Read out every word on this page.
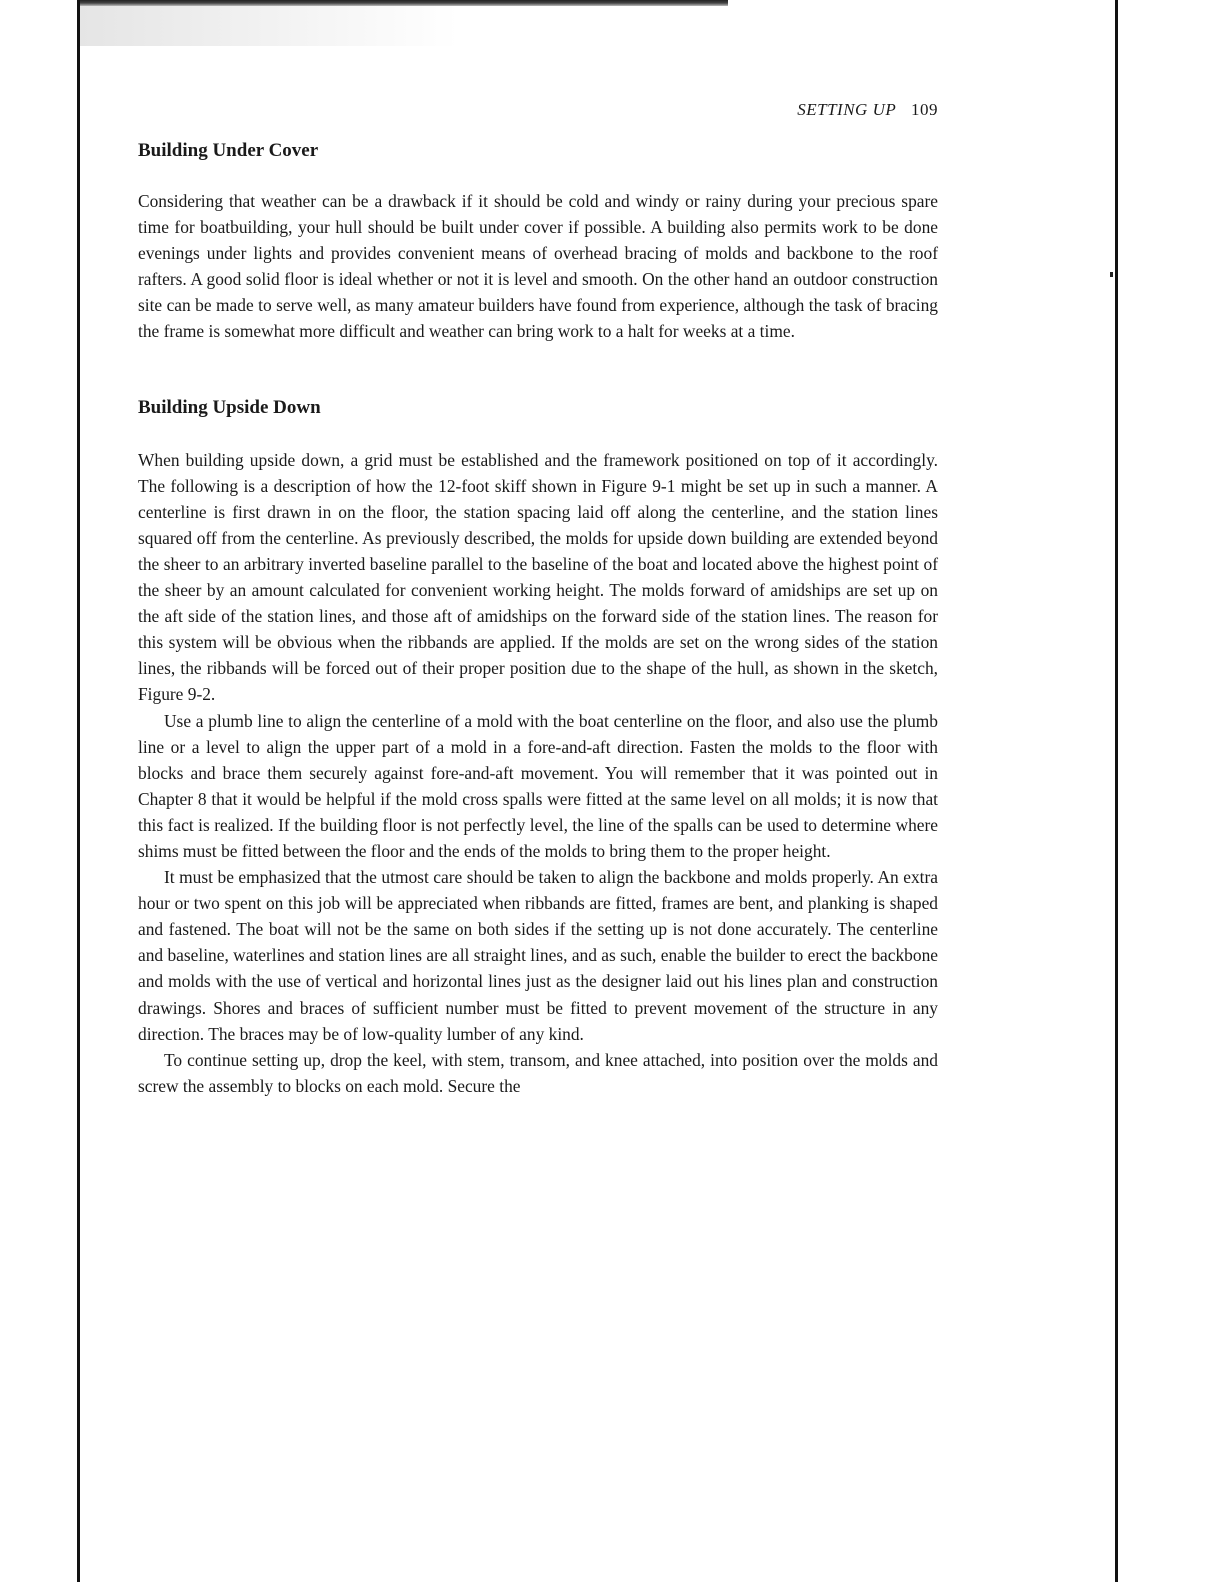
SETTING UP 109
Building Under Cover

Considering that weather can be a drawback if it should be cold and windy or rainy during your precious spare time for boatbuilding, your hull should be built under cover if possible. A building also permits work to be done evenings under lights and provides convenient means of overhead bracing of molds and backbone to the roof rafters. A good solid floor is ideal whether or not it is level and smooth. On the other hand an outdoor construction site can be made to serve well, as many amateur builders have found from experience, although the task of bracing the frame is somewhat more difficult and weather can bring work to a halt for weeks at a time.

Building Upside Down

When building upside down, a grid must be established and the framework positioned on top of it accordingly. The following is a description of how the 12-foot skiff shown in Figure 9-1 might be set up in such a manner. A centerline is first drawn in on the floor, the station spacing laid off along the centerline, and the station lines squared off from the centerline. As previously described, the molds for upside down building are extended beyond the sheer to an arbitrary inverted baseline parallel to the baseline of the boat and located above the highest point of the sheer by an amount calculated for convenient working height. The molds forward of amidships are set up on the aft side of the station lines, and those aft of amidships on the forward side of the station lines. The reason for this system will be obvious when the ribbands are applied. If the molds are set on the wrong sides of the station lines, the ribbands will be forced out of their proper position due to the shape of the hull, as shown in the sketch, Figure 9-2.

Use a plumb line to align the centerline of a mold with the boat centerline on the floor, and also use the plumb line or a level to align the upper part of a mold in a fore-and-aft direction. Fasten the molds to the floor with blocks and brace them securely against fore-and-aft movement. You will remember that it was pointed out in Chapter 8 that it would be helpful if the mold cross spalls were fitted at the same level on all molds; it is now that this fact is realized. If the building floor is not perfectly level, the line of the spalls can be used to determine where shims must be fitted between the floor and the ends of the molds to bring them to the proper height.

It must be emphasized that the utmost care should be taken to align the backbone and molds properly. An extra hour or two spent on this job will be appreciated when ribbands are fitted, frames are bent, and planking is shaped and fastened. The boat will not be the same on both sides if the setting up is not done accurately. The centerline and baseline, waterlines and station lines are all straight lines, and as such, enable the builder to erect the backbone and molds with the use of vertical and horizontal lines just as the designer laid out his lines plan and construction drawings. Shores and braces of sufficient number must be fitted to prevent movement of the structure in any direction. The braces may be of low-quality lumber of any kind.

To continue setting up, drop the keel, with stem, transom, and knee attached, into position over the molds and screw the assembly to blocks on each mold. Secure the
